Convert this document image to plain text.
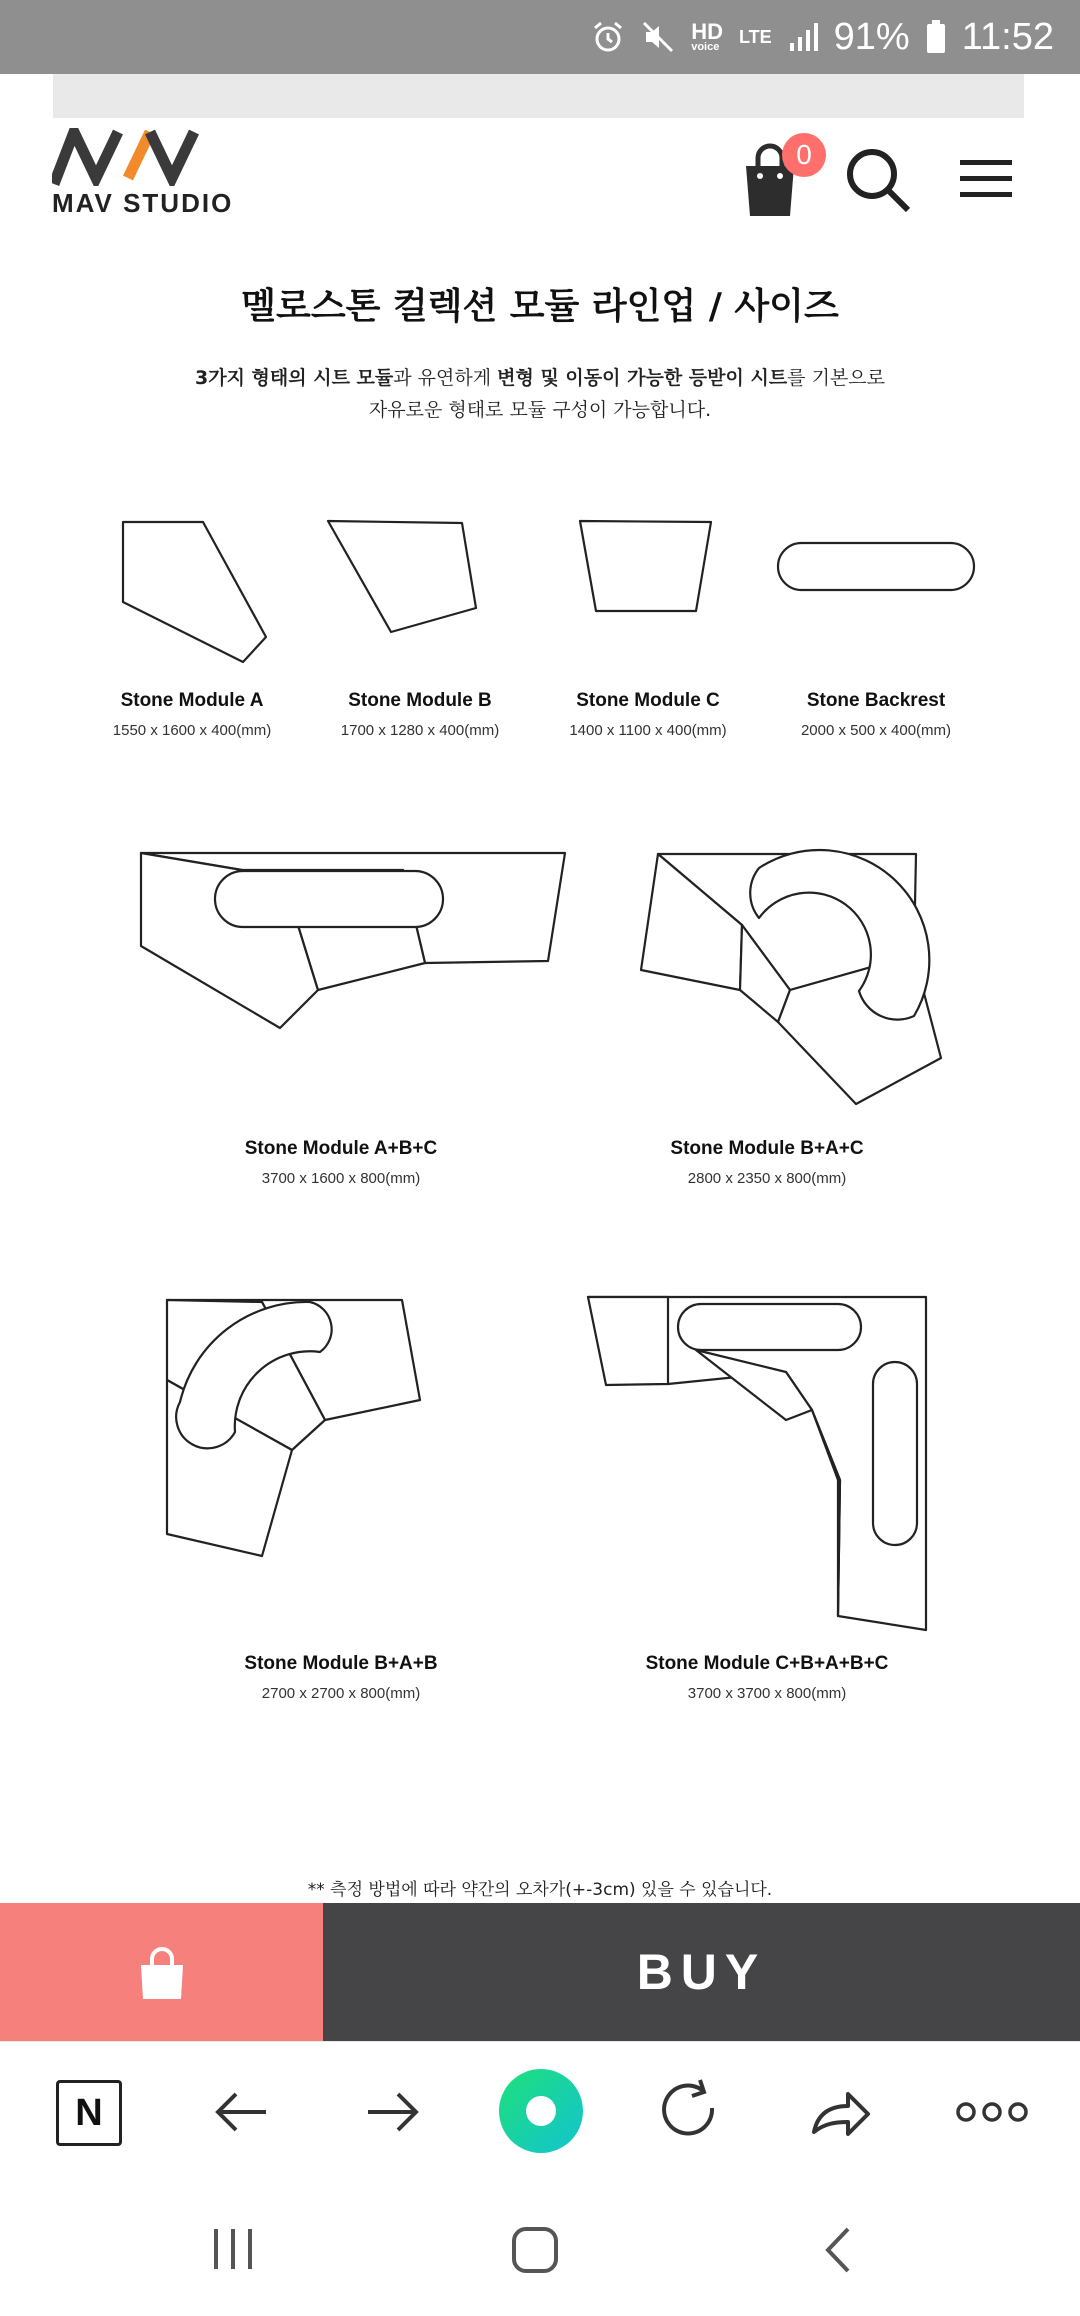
HD
voice LTE 91% 11:52
MAV STUDIO
0
멜로스톤 컬렉션 모듈 라인업 / 사이즈
3가지 형태의 시트 모듈과 유연하게 변형 및 이동이 가능한 등받이 시트를 기본으로
자유로운 형태로 모듈 구성이 가능합니다.
Stone Module A
1550 x 1600 x 400(mm)
Stone Module B
1700 x 1280 x 400(mm)
Stone Module C
1400 x 1100 x 400(mm)
Stone Backrest
2000 x 500 x 400(mm)
Stone Module A+B+C
3700 x 1600 x 800(mm)
Stone Module B+A+C
2800 x 2350 x 800(mm)
Stone Module B+A+B
2700 x 2700 x 800(mm)
Stone Module C+B+A+B+C
3700 x 3700 x 800(mm)
** 측정 방법에 따라 약간의 오차가(+-3cm) 있을 수 있습니다.
BUY
N
